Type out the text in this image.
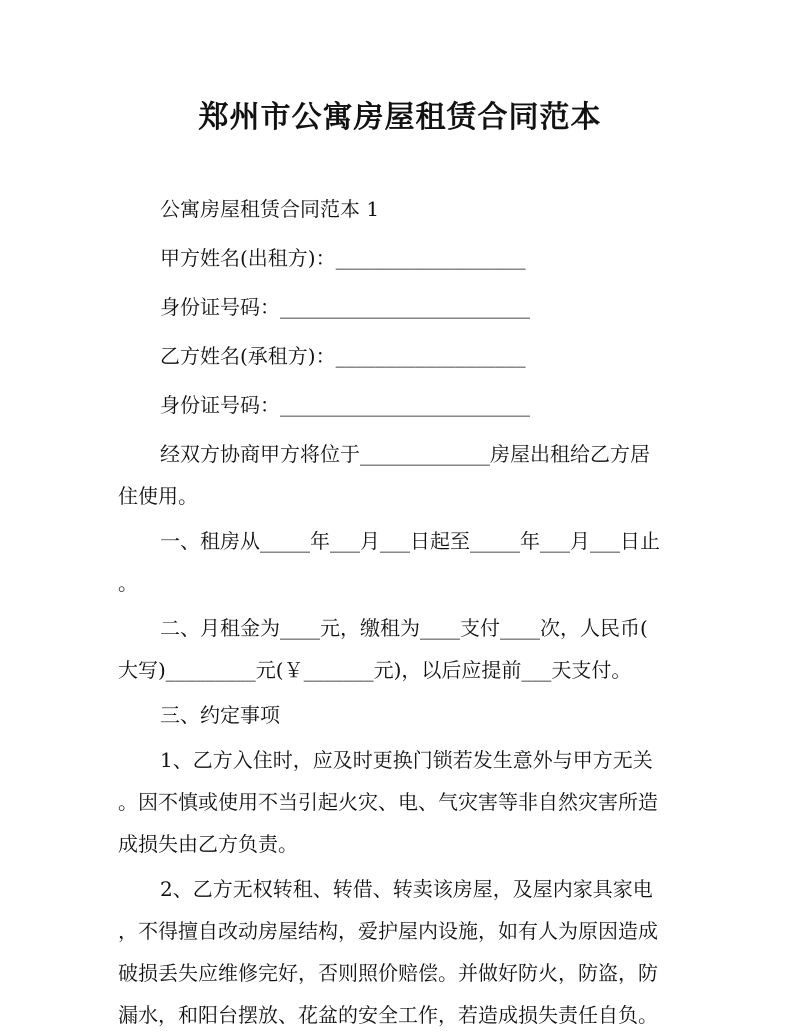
郑州市公寓房屋租赁合同范本
公寓房屋租赁合同范本 1
甲方姓名(出租方)：___________________
身份证号码：_________________________
乙方姓名(承租方)：___________________
身份证号码：_________________________
经双方协商甲方将位于_____________房屋出租给乙方居
住使用。
一、租房从_____年___月___日起至_____年___月___日止
。
二、月租金为____元，缴租为____支付____次，人民币(
大写)_________元(￥_______元)，以后应提前___天支付。
三、约定事项
1、乙方入住时，应及时更换门锁若发生意外与甲方无关
。因不慎或使用不当引起火灾、电、气灾害等非自然灾害所造
成损失由乙方负责。
2、乙方无权转租、转借、转卖该房屋，及屋内家具家电
，不得擅自改动房屋结构，爱护屋内设施，如有人为原因造成
破损丢失应维修完好，否则照价赔偿。并做好防火，防盗，防
漏水，和阳台摆放、花盆的安全工作，若造成损失责任自负。
